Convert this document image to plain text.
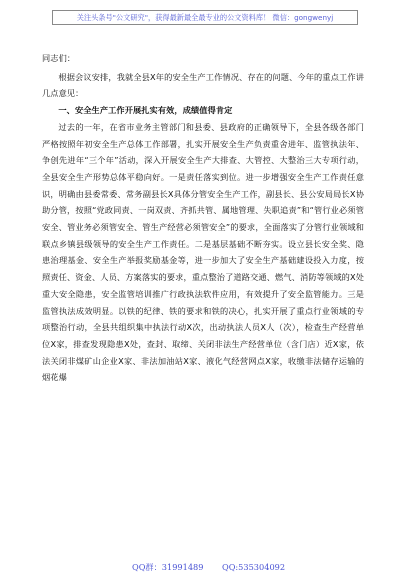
关注头条号"公文研究"，获得最新最全最专业的公文资料库！ 微信：gongwenyj

同志们：

根据会议安排，我就全县X年的安全生产工作情况、存在的问题、今年的重点工作讲几点意见：

一、安全生产工作开展扎实有效，成绩值得肯定

过去的一年，在省市业务主管部门和县委、县政府的正确领导下，全县各级各部门严格按照年初安全生产总体工作部署，扎实开展安全生产负责重舍进年、监管执法年、争创先进年“三个年”活动，深入开展安全生产大排查、大管控、大整治三大专项行动，全县安全生产形势总体平稳向好。一是责任落实到位。进一步增强安全生产工作责任意识，明确由县委常委、常务副县长X具体分管安全生产工作，副县长、县公安局局长X协助分管，按照“党政同责、一岗双责、齐抓共管、属地管理、失职追责”和“管行业必须管安全、管业务必须管安全、管生产经营必须管安全”的要求，全面落实了分管行业领域和联点乡镇县级领导的安全生产工作责任。二是基层基础不断夯实。设立县长安全奖、隐患治理基金、安全生产举报奖励基金等，进一步加大了安全生产基础建设投入力度，按照责任、资金、人员、方案落实的要求，重点整治了道路交通、燃气、消防等领域的X处重大安全隐患，安全监管培训推广行政执法软件应用，有效提升了安全监管能力。三是监管执法成效明显。以铁的纪律、铁的要求和铁的决心，扎实开展了重点行业领域的专项整治行动，全县共组织集中执法行动X次，出动执法人员X人（次），检查生产经营单位X家，排查发现隐患X处，查封、取缔、关闭非法生产经营单位（含门店）近X家，依法关闭非煤矿山企业X家、非法加油站X家、液化气经营网点X家，收缴非法储存运输的烟花爆

QQ群：31991489 QQ:535304092
